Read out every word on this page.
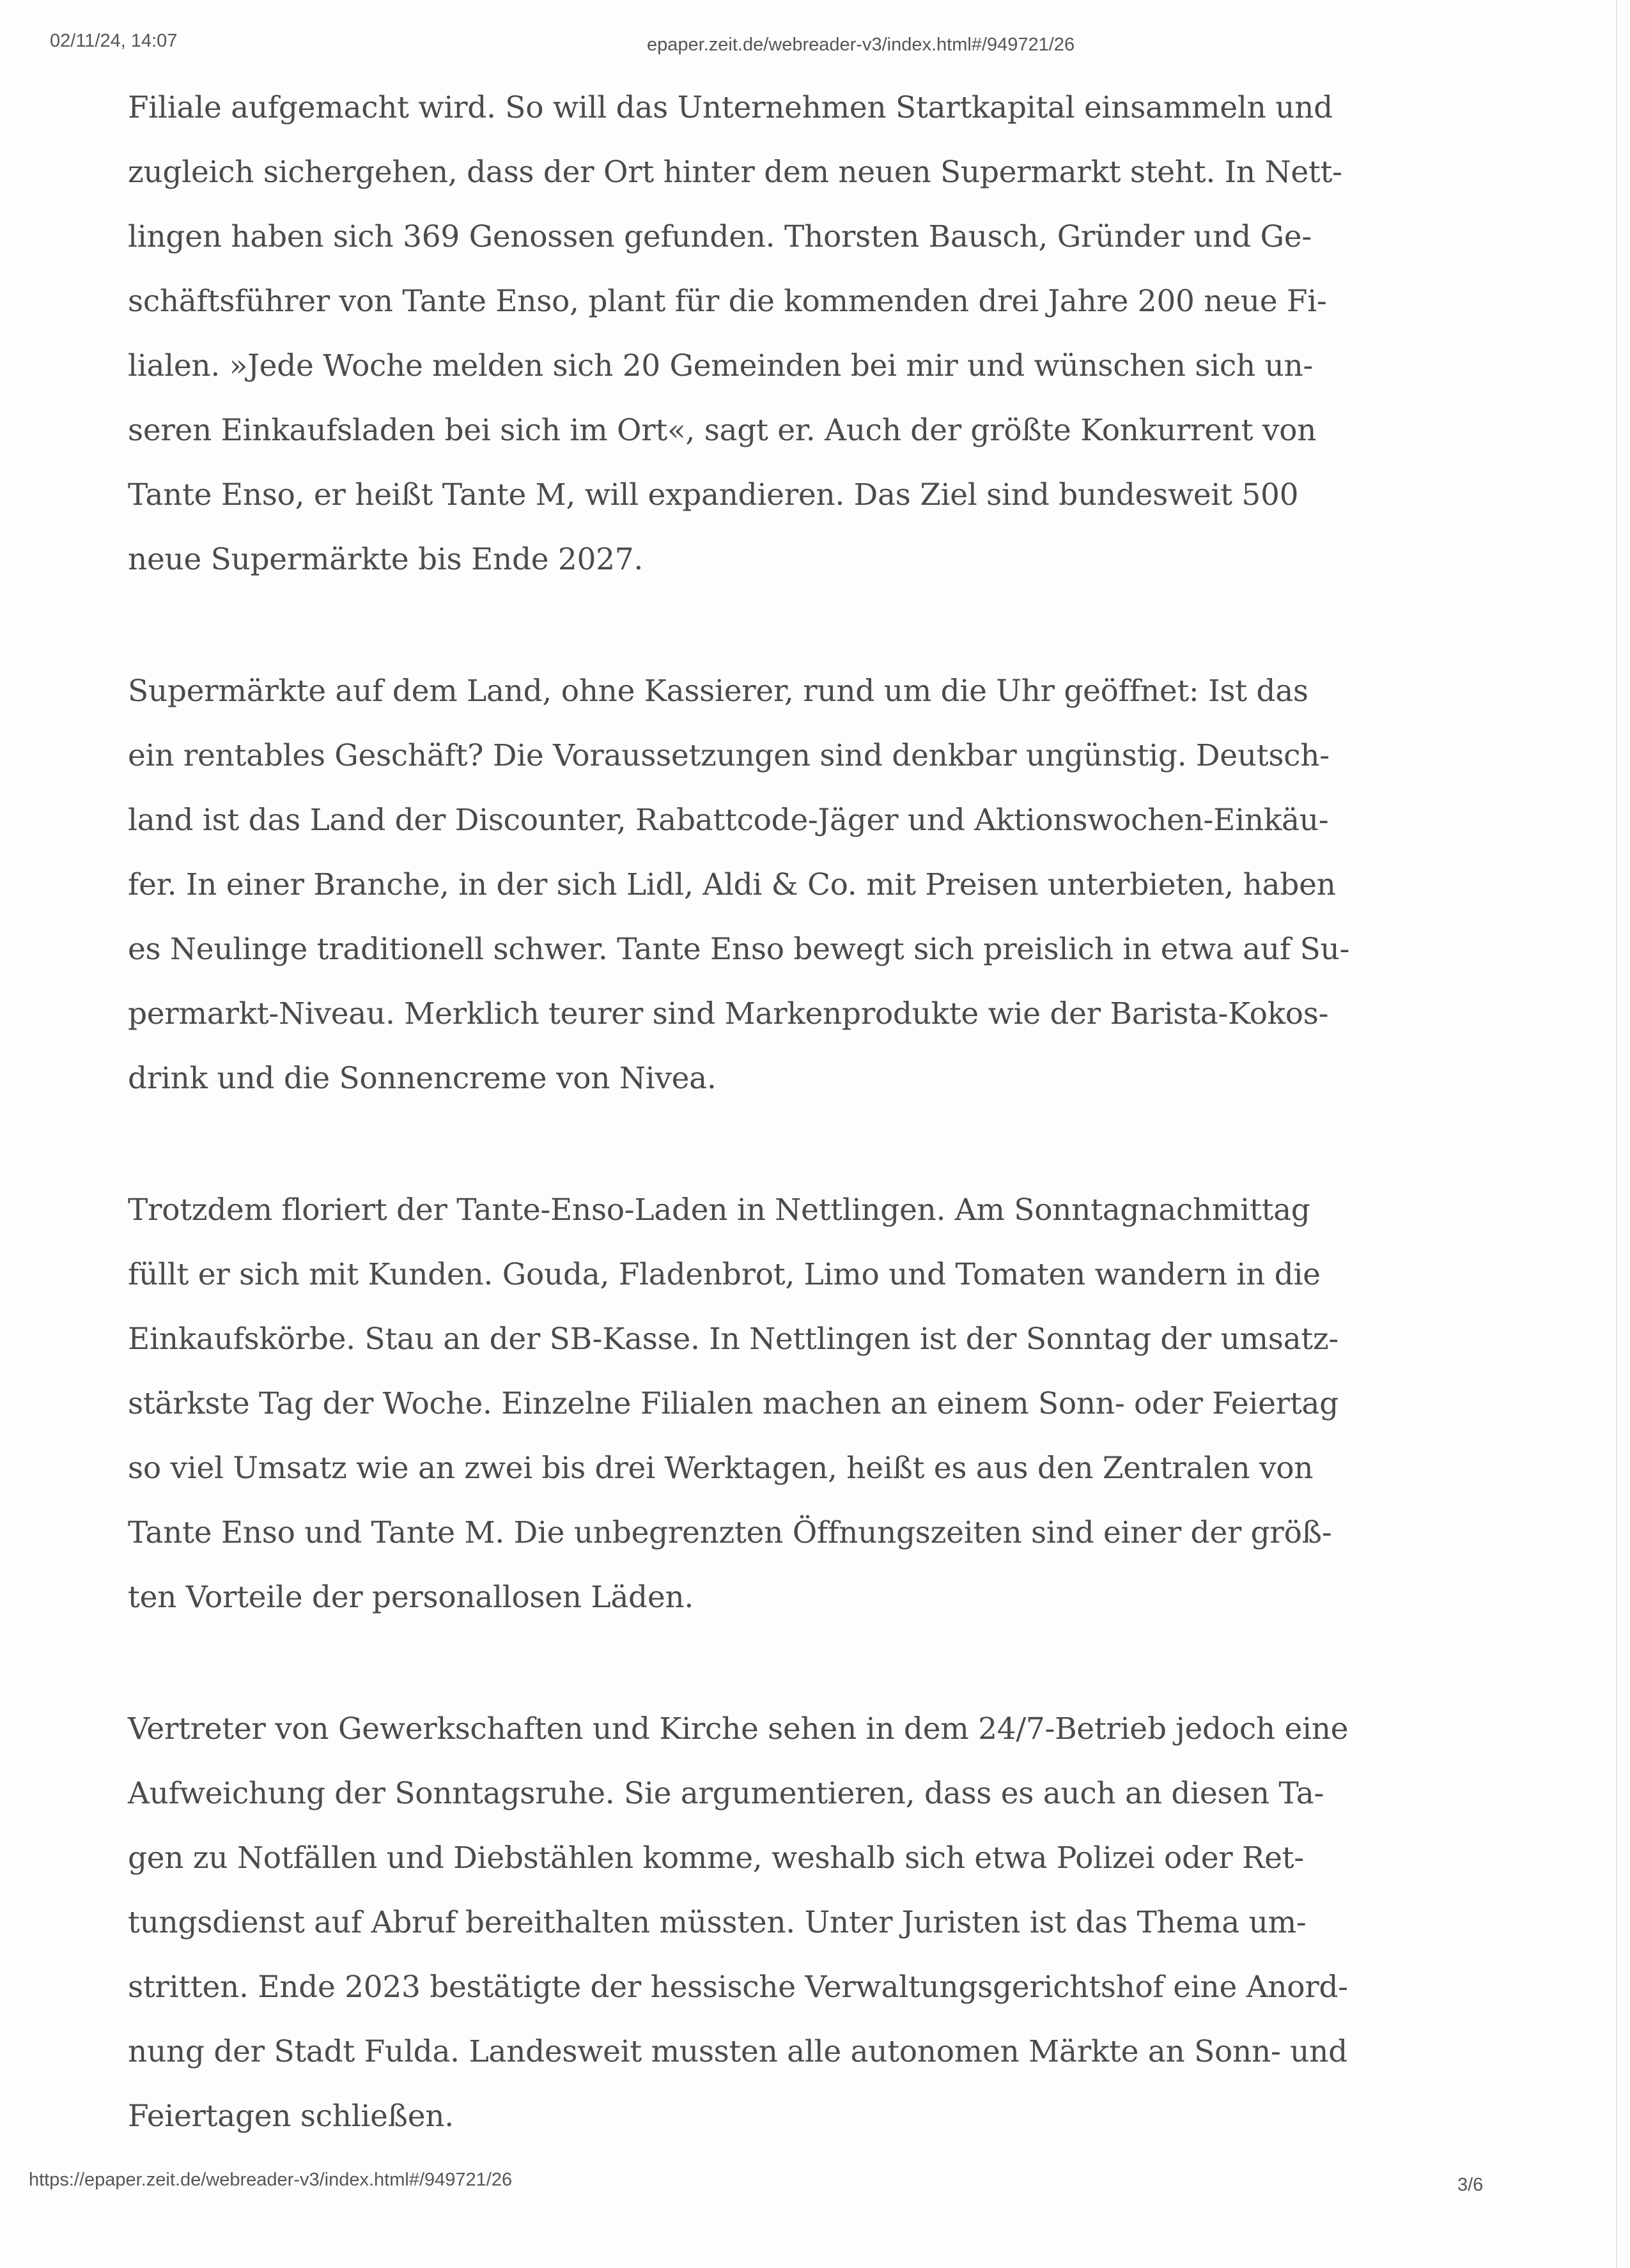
02/11/24, 14:07	epaper.zeit.de/webreader-v3/index.html#/949721/26
Filiale aufgemacht wird. So will das Unternehmen Startkapital einsammeln und
zugleich sichergehen, dass der Ort hinter dem neuen Supermarkt steht. In Nett-
lingen haben sich 369 Genossen gefunden. Thorsten Bausch, Gründer und Ge-
schäftsführer von Tante Enso, plant für die kommenden drei Jahre 200 neue Fi-
lialen. »Jede Woche melden sich 20 Gemeinden bei mir und wünschen sich un-
seren Einkaufsladen bei sich im Ort«, sagt er. Auch der größte Konkurrent von
Tante Enso, er heißt Tante M, will expandieren. Das Ziel sind bundesweit 500
neue Supermärkte bis Ende 2027.
Supermärkte auf dem Land, ohne Kassierer, rund um die Uhr geöffnet: Ist das
ein rentables Geschäft? Die Voraussetzungen sind denkbar ungünstig. Deutsch-
land ist das Land der Discounter, Rabattcode-Jäger und Aktionswochen-Einkäu-
fer. In einer Branche, in der sich Lidl, Aldi & Co. mit Preisen unterbieten, haben
es Neulinge traditionell schwer. Tante Enso bewegt sich preislich in etwa auf Su-
permarkt-Niveau. Merklich teurer sind Markenprodukte wie der Barista-Kokos-
drink und die Sonnencreme von Nivea.
Trotzdem floriert der Tante-Enso-Laden in Nettlingen. Am Sonntagnachmittag
füllt er sich mit Kunden. Gouda, Fladenbrot, Limo und Tomaten wandern in die
Einkaufskörbe. Stau an der SB-Kasse. In Nettlingen ist der Sonntag der umsatz-
stärkste Tag der Woche. Einzelne Filialen machen an einem Sonn- oder Feiertag
so viel Umsatz wie an zwei bis drei Werktagen, heißt es aus den Zentralen von
Tante Enso und Tante M. Die unbegrenzten Öffnungszeiten sind einer der größ-
ten Vorteile der personallosen Läden.
Vertreter von Gewerkschaften und Kirche sehen in dem 24/7-Betrieb jedoch eine
Aufweichung der Sonntagsruhe. Sie argumentieren, dass es auch an diesen Ta-
gen zu Notfällen und Diebstählen komme, weshalb sich etwa Polizei oder Ret-
tungsdienst auf Abruf bereithalten müssten. Unter Juristen ist das Thema um-
stritten. Ende 2023 bestätigte der hessische Verwaltungsgerichtshof eine Anord-
nung der Stadt Fulda. Landesweit mussten alle autonomen Märkte an Sonn- und
Feiertagen schließen.
https://epaper.zeit.de/webreader-v3/index.html#/949721/26	3/6
